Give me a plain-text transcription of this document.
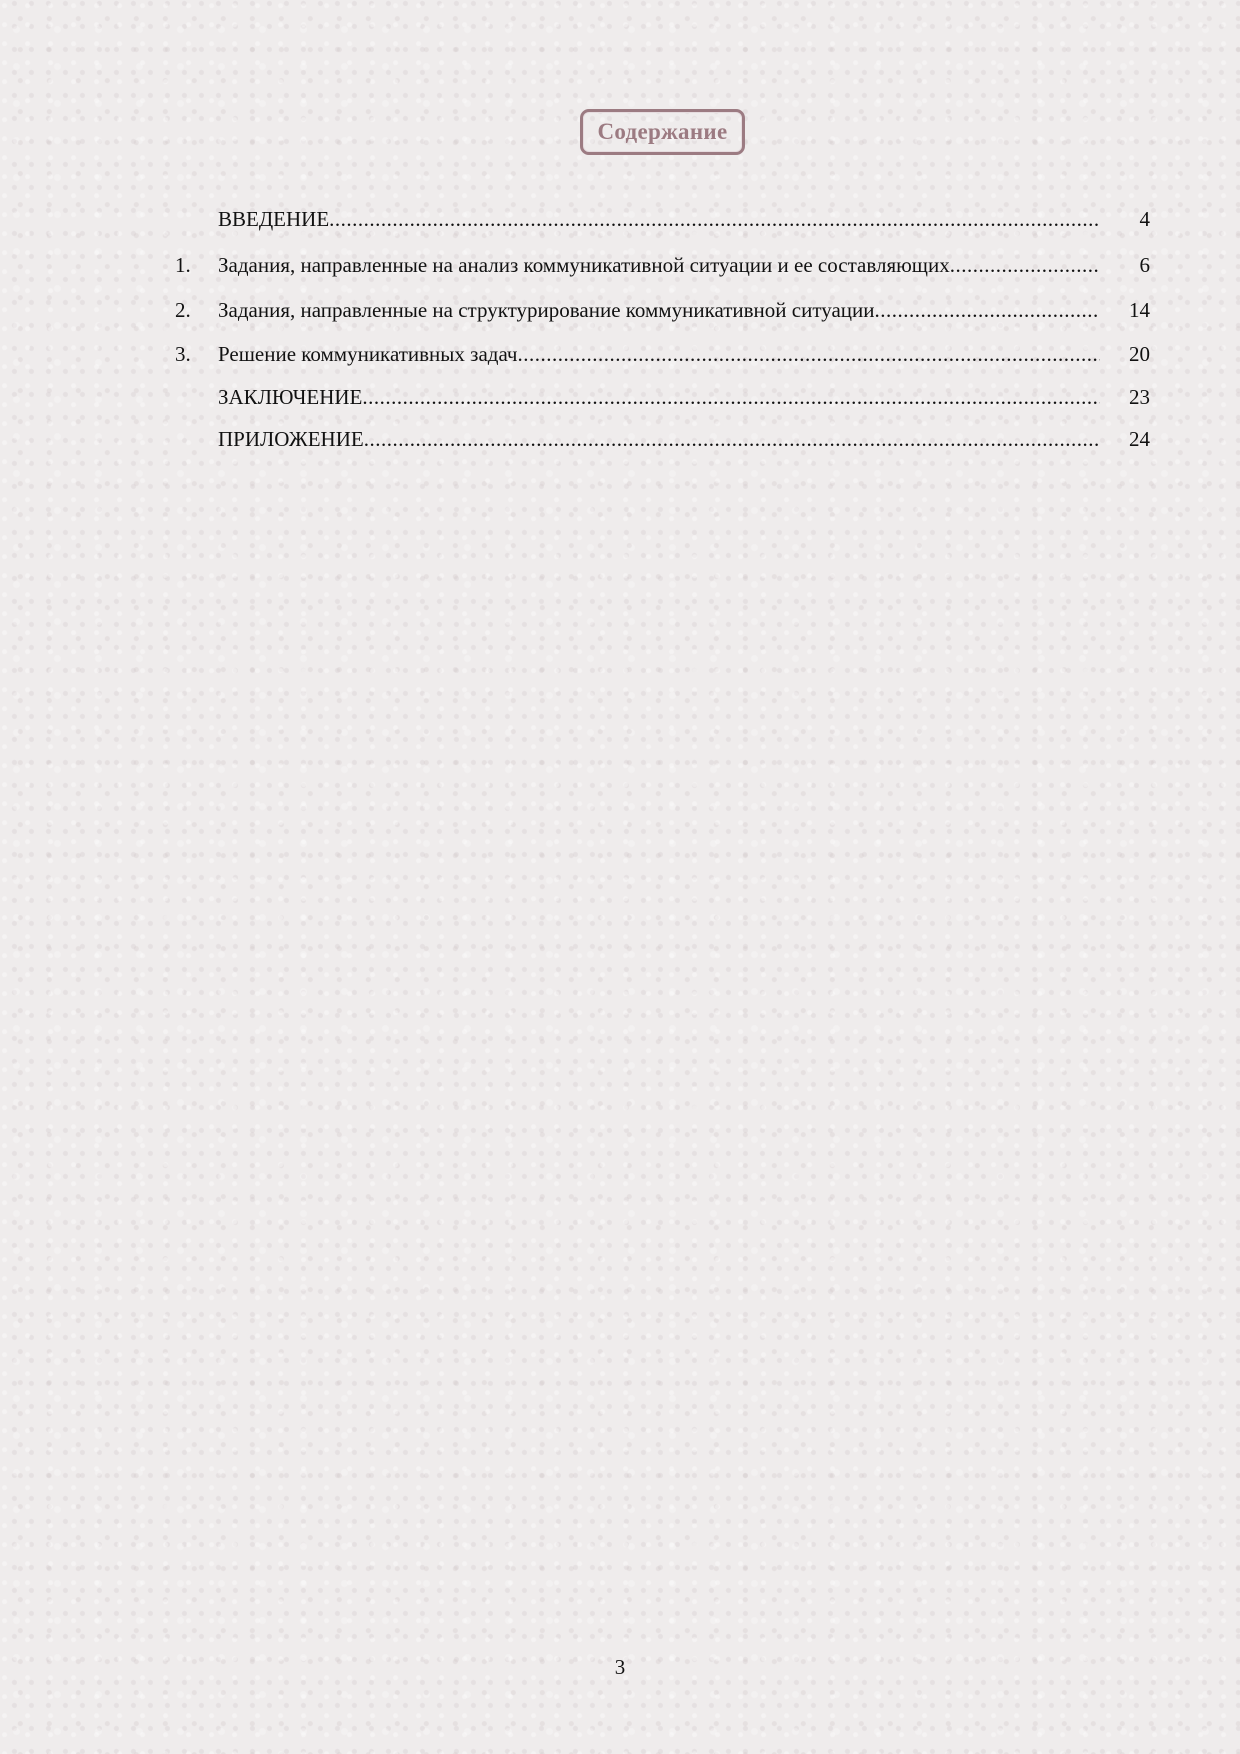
Содержание
ВВЕДЕНИЕ .....	4
1.	Задания, направленные на анализ коммуникативной ситуации и ее составляющих .....	6
2.	Задания, направленные на структурирование коммуникативной ситуации .....	14
3.	Решение коммуникативных задач .....	20
ЗАКЛЮЧЕНИЕ .....	23
ПРИЛОЖЕНИЕ .....	24
3
